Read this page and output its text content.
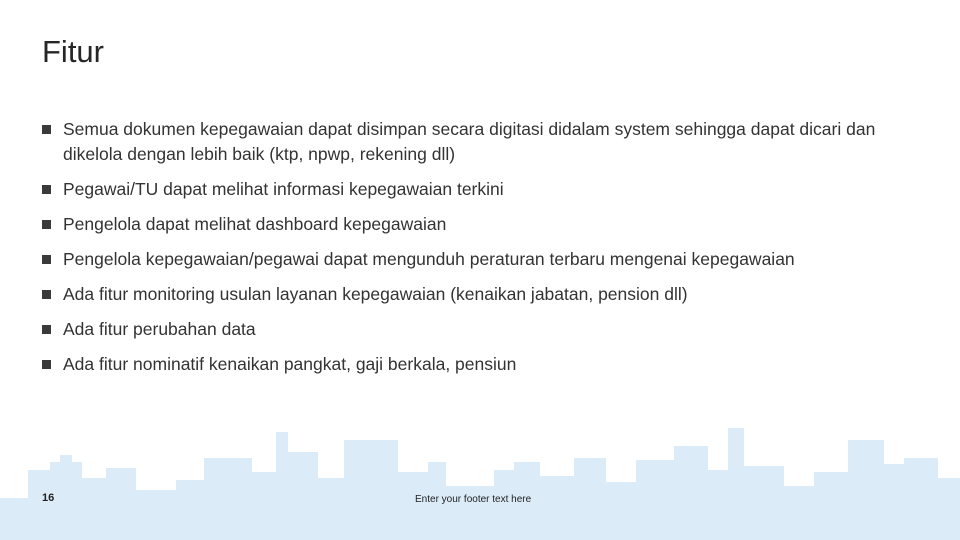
Fitur
Semua dokumen kepegawaian dapat disimpan secara digitasi didalam system sehingga dapat dicari dan dikelola dengan lebih baik (ktp, npwp, rekening dll)
Pegawai/TU dapat melihat informasi kepegawaian terkini
Pengelola dapat melihat dashboard kepegawaian
Pengelola kepegawaian/pegawai dapat mengunduh peraturan terbaru mengenai kepegawaian
Ada fitur monitoring usulan layanan kepegawaian (kenaikan jabatan, pension dll)
Ada fitur perubahan data
Ada fitur nominatif kenaikan pangkat, gaji berkala, pensiun
16	Enter your footer text here
